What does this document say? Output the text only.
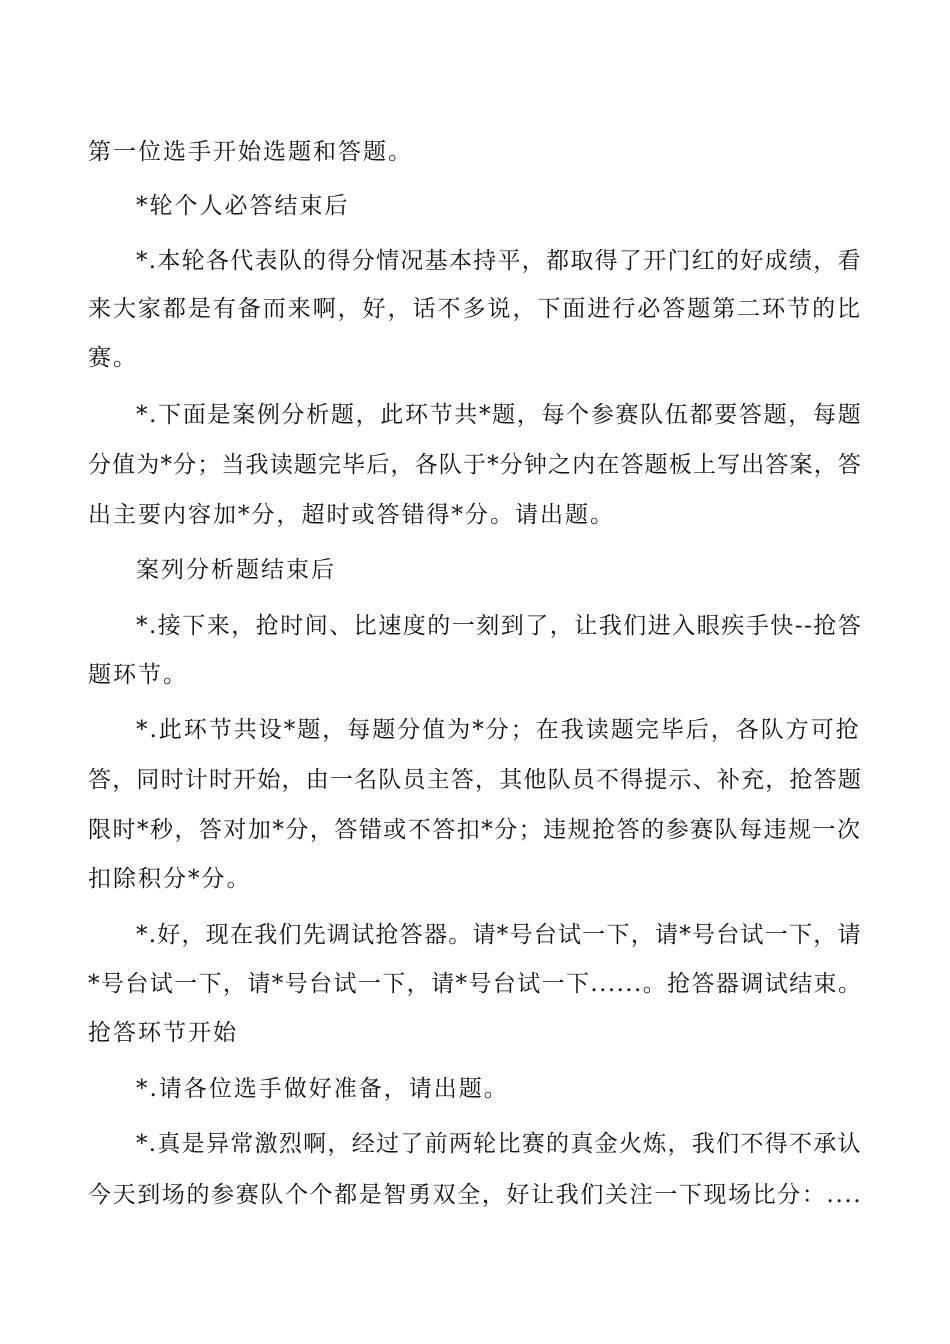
第一位选手开始选题和答题。
*轮个人必答结束后
*.本轮各代表队的得分情况基本持平，都取得了开门红的好成绩，看
来大家都是有备而来啊，好，话不多说，下面进行必答题第二环节的比
赛。
*.下面是案例分析题，此环节共*题，每个参赛队伍都要答题，每题
分值为*分；当我读题完毕后，各队于*分钟之内在答题板上写出答案，答
出主要内容加*分，超时或答错得*分。请出题。
案列分析题结束后
*.接下来，抢时间、比速度的一刻到了，让我们进入眼疾手快--抢答
题环节。
*.此环节共设*题，每题分值为*分；在我读题完毕后，各队方可抢
答，同时计时开始，由一名队员主答，其他队员不得提示、补充，抢答题
限时*秒，答对加*分，答错或不答扣*分；违规抢答的参赛队每违规一次
扣除积分*分。
*.好，现在我们先调试抢答器。请*号台试一下，请*号台试一下，请
*号台试一下，请*号台试一下，请*号台试一下......。抢答器调试结束。
抢答环节开始
*.请各位选手做好准备，请出题。
*.真是异常激烈啊，经过了前两轮比赛的真金火炼，我们不得不承认
今天到场的参赛队个个都是智勇双全，好让我们关注一下现场比分：....
